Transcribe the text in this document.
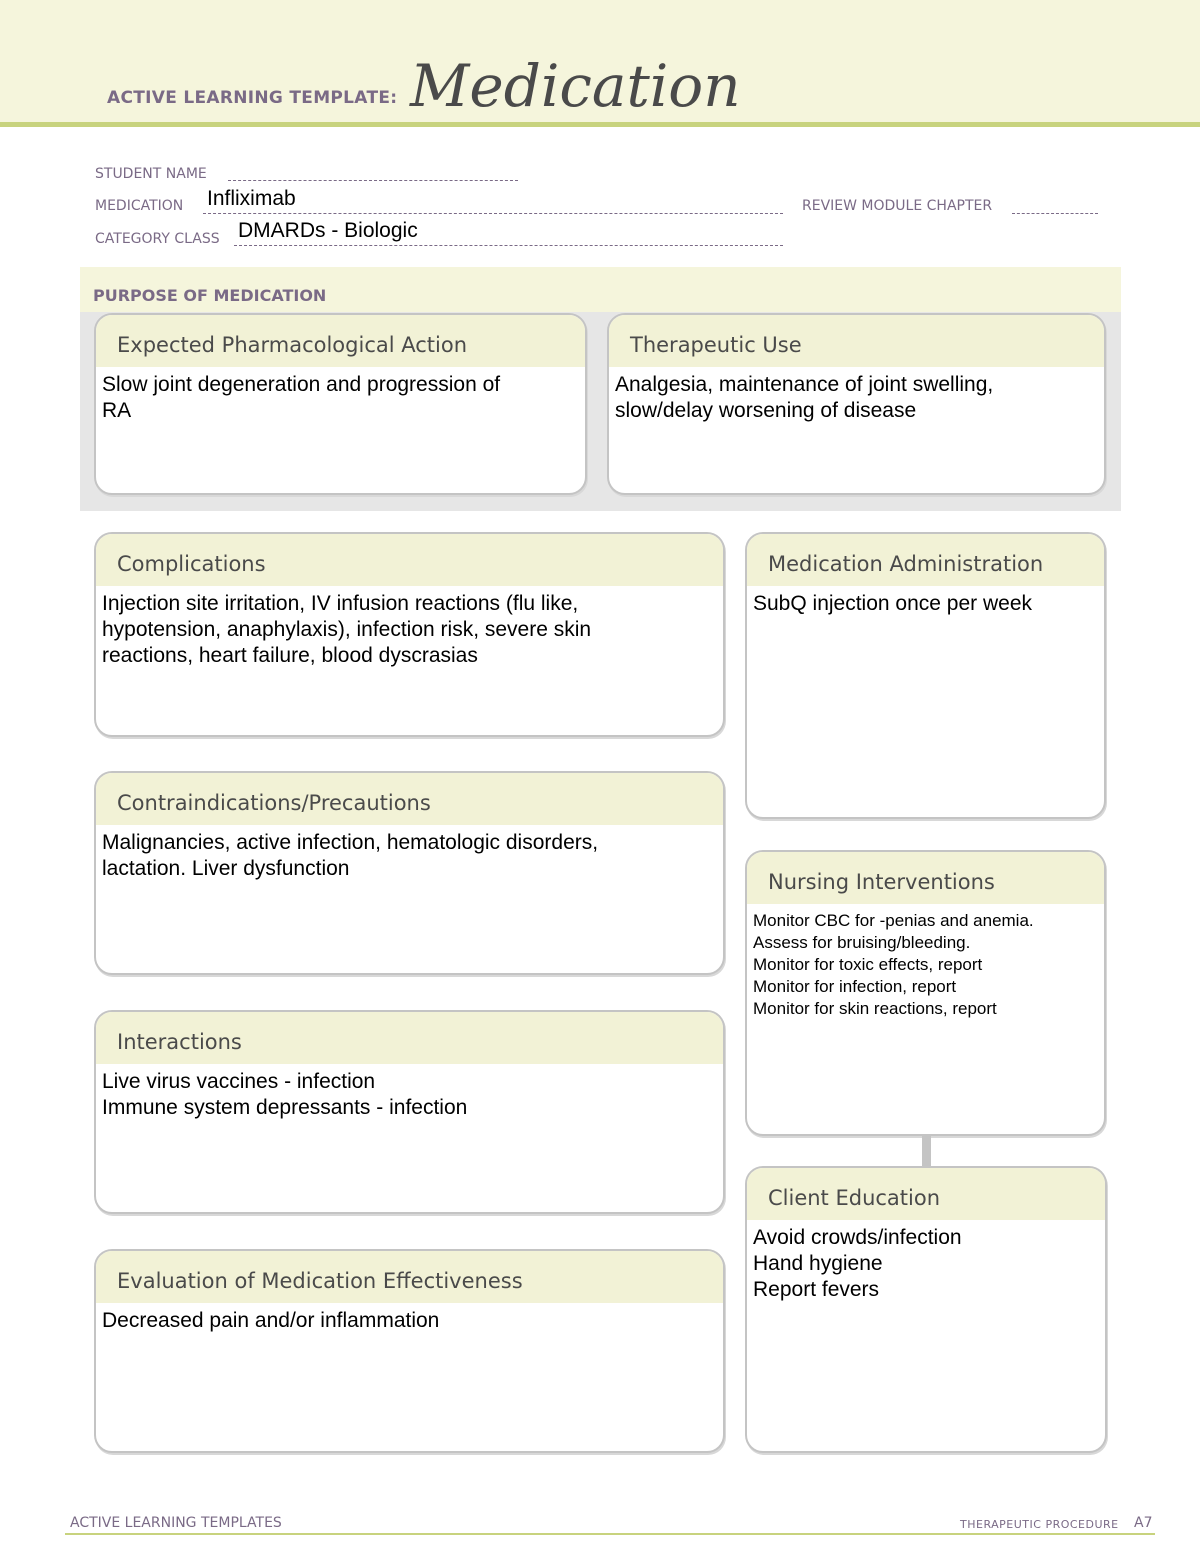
ACTIVE LEARNING TEMPLATE: Medication
STUDENT NAME
MEDICATION Infliximab	REVIEW MODULE CHAPTER
CATEGORY CLASS DMARDs - Biologic
PURPOSE OF MEDICATION
Expected Pharmacological Action
Slow joint degeneration and progression of
RA
Therapeutic Use
Analgesia, maintenance of joint swelling,
slow/delay worsening of disease
Complications
Injection site irritation, IV infusion reactions (flu like,
hypotension, anaphylaxis), infection risk, severe skin
reactions, heart failure, blood dyscrasias
Contraindications/Precautions
Malignancies, active infection, hematologic disorders,
lactation. Liver dysfunction
Interactions
Live virus vaccines - infection
Immune system depressants - infection
Evaluation of Medication Effectiveness
Decreased pain and/or inflammation
Medication Administration
SubQ injection once per week
Nursing Interventions
Monitor CBC for -penias and anemia.
Assess for bruising/bleeding.
Monitor for toxic effects, report
Monitor for infection, report
Monitor for skin reactions, report
Client Education
Avoid crowds/infection
Hand hygiene
Report fevers
ACTIVE LEARNING TEMPLATES	THERAPEUTIC PROCEDURE A7
